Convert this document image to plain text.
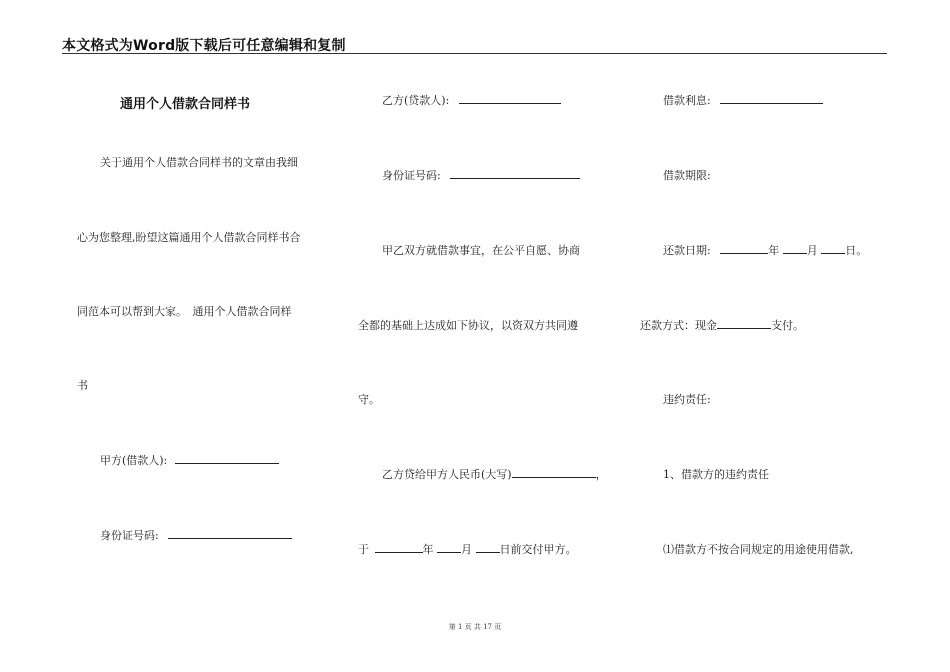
本文格式为Word版下载后可任意编辑和复制
通用个人借款合同样书
关于通用个人借款合同样书的文章由我细
心为您整理,盼望这篇通用个人借款合同样书合
同范本可以帮到大家。　通用个人借款合同样
书
甲方(借款人):
身份证号码:
乙方(贷款人):
身份证号码:
甲乙双方就借款事宜，在公平自愿、协商
全都的基础上达成如下协议，以资双方共同遵
守。
乙方贷给甲方人民币(大写)	，
于	年	月	日前交付甲方。
借款利息:
借款期限:
还款日期:	年	月	日。
还款方式：现金	支付。
违约责任:
1、借款方的违约责任
⑴借款方不按合同规定的用途使用借款,
第 1 页 共 17 页
